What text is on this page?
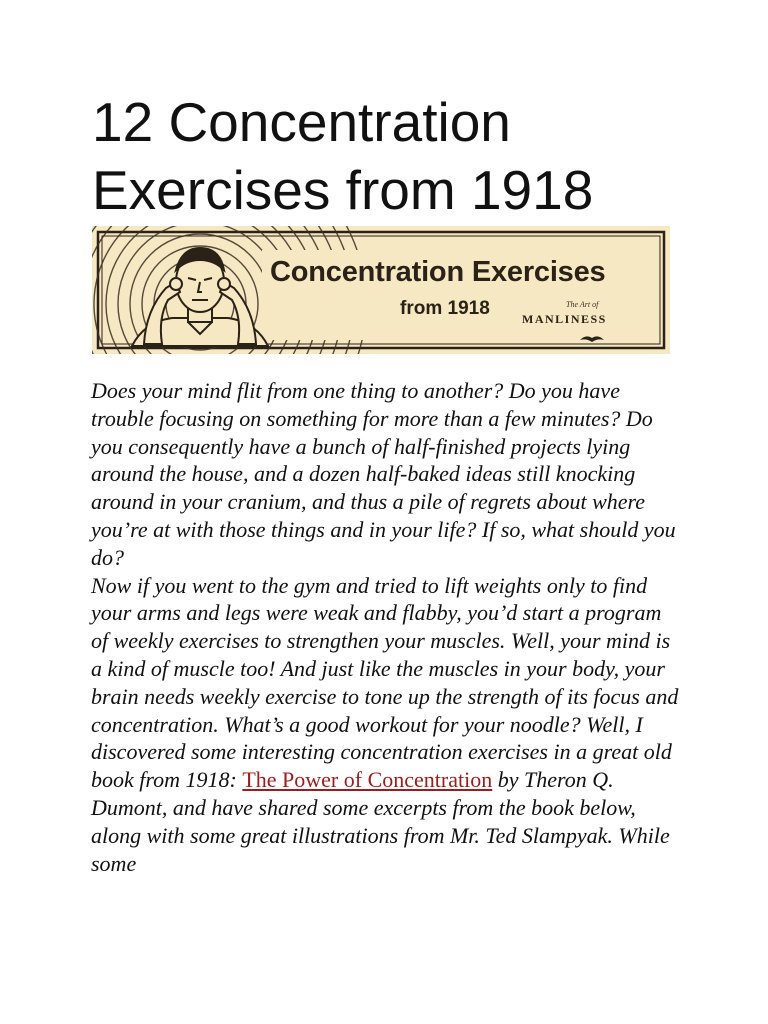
12 Concentration Exercises from 1918

Concentration Exercises

from 1918	The Art of
MANLINESS

Does your mind flit from one thing to another? Do you have trouble focusing on something for more than a few minutes? Do you consequently have a bunch of half-finished projects lying around the house, and a dozen half-baked ideas still knocking around in your cranium, and thus a pile of regrets about where you’re at with those things and in your life? If so, what should you do?

Now if you went to the gym and tried to lift weights only to find your arms and legs were weak and flabby, you’d start a program of weekly exercises to strengthen your muscles. Well, your mind is a kind of muscle too! And just like the muscles in your body, your brain needs weekly exercise to tone up the strength of its focus and concentration. What’s a good workout for your noodle? Well, I discovered some interesting concentration exercises in a great old book from 1918: The Power of Concentration by Theron Q. Dumont, and have shared some excerpts from the book below, along with some great illustrations from Mr. Ted Slampyak. While some
